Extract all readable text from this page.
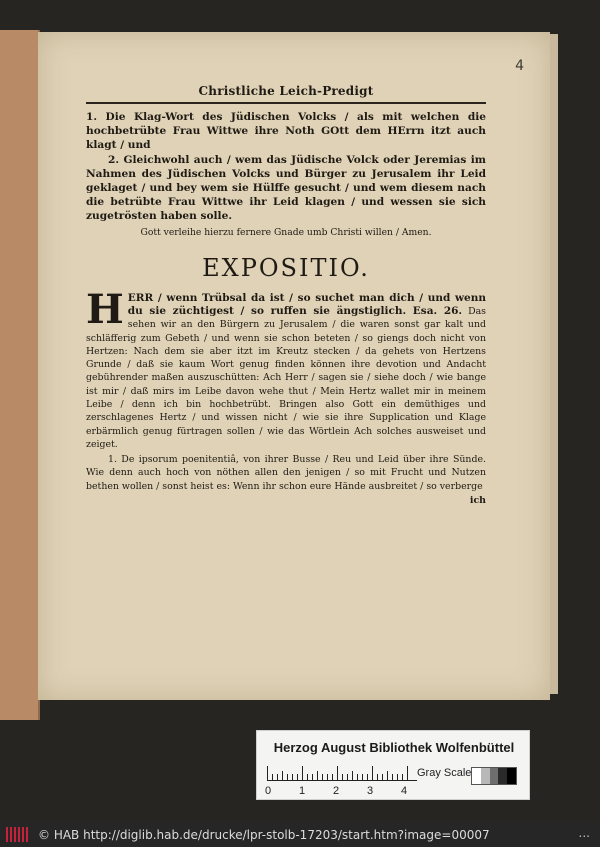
4
Christliche Leich-Predigt

1. Die Klag-Wort des Jüdischen Volcks / als mit welchen die hochbetrübte Frau Wittwe ihre Noth GOtt dem HErrn itzt auch klagt / und

2. Gleichwohl auch / wem das Jüdische Volck oder Jeremias im Nahmen des Jüdischen Volcks und Bürger zu Jerusalem ihr Leid geklaget / und bey wem sie Hülffe gesucht / und wem diesem nach die betrübte Frau Wittwe ihr Leid klagen / und wessen sie sich zugetrösten haben solle.

Gott verleihe hierzu fernere Gnade umb Christi willen / Amen.

EXPOSITIO.

HERR / wenn Trübsal da ist / so suchet man dich / und wenn du sie züchtigest / so ruffen sie ängstiglich. Esa. 26. Das sehen wir an den Bürgern zu Jerusalem / die waren sonst gar kalt und schläfferig zum Gebeth / und wenn sie schon beteten / so giengs doch nicht von Hertzen: Nach dem sie aber itzt im Kreutz stecken / da gehets von Hertzens Grunde / daß sie kaum Wort genug finden können ihre devotion und Andacht gebührender maßen auszuschütten: Ach Herr / sagen sie / siehe doch / wie bange ist mir / daß mirs im Leibe davon wehe thut / Mein Hertz wallet mir in meinem Leibe / denn ich bin hochbetrübt. Bringen also Gott ein demüthiges und zerschlagenes Hertz / und wissen nicht / wie sie ihre Supplication und Klage erbärmlich genug fürtragen sollen / wie das Wörtlein Ach solches ausweiset und zeiget.

1. De ipsorum poenitentiâ, von ihrer Busse / Reu und Leid über ihre Sünde. Wie denn auch hoch von nöthen allen den jenigen / so mit Frucht und Nutzen bethen wollen / sonst heist es: Wenn ihr schon eure Hände ausbreitet / so verberge

ich
Herzog August Bibliothek Wolfenbüttel
0	1	2	3	4
Gray Scale
© HAB http://diglib.hab.de/drucke/lpr-stolb-17203/start.htm?image=00007	...
